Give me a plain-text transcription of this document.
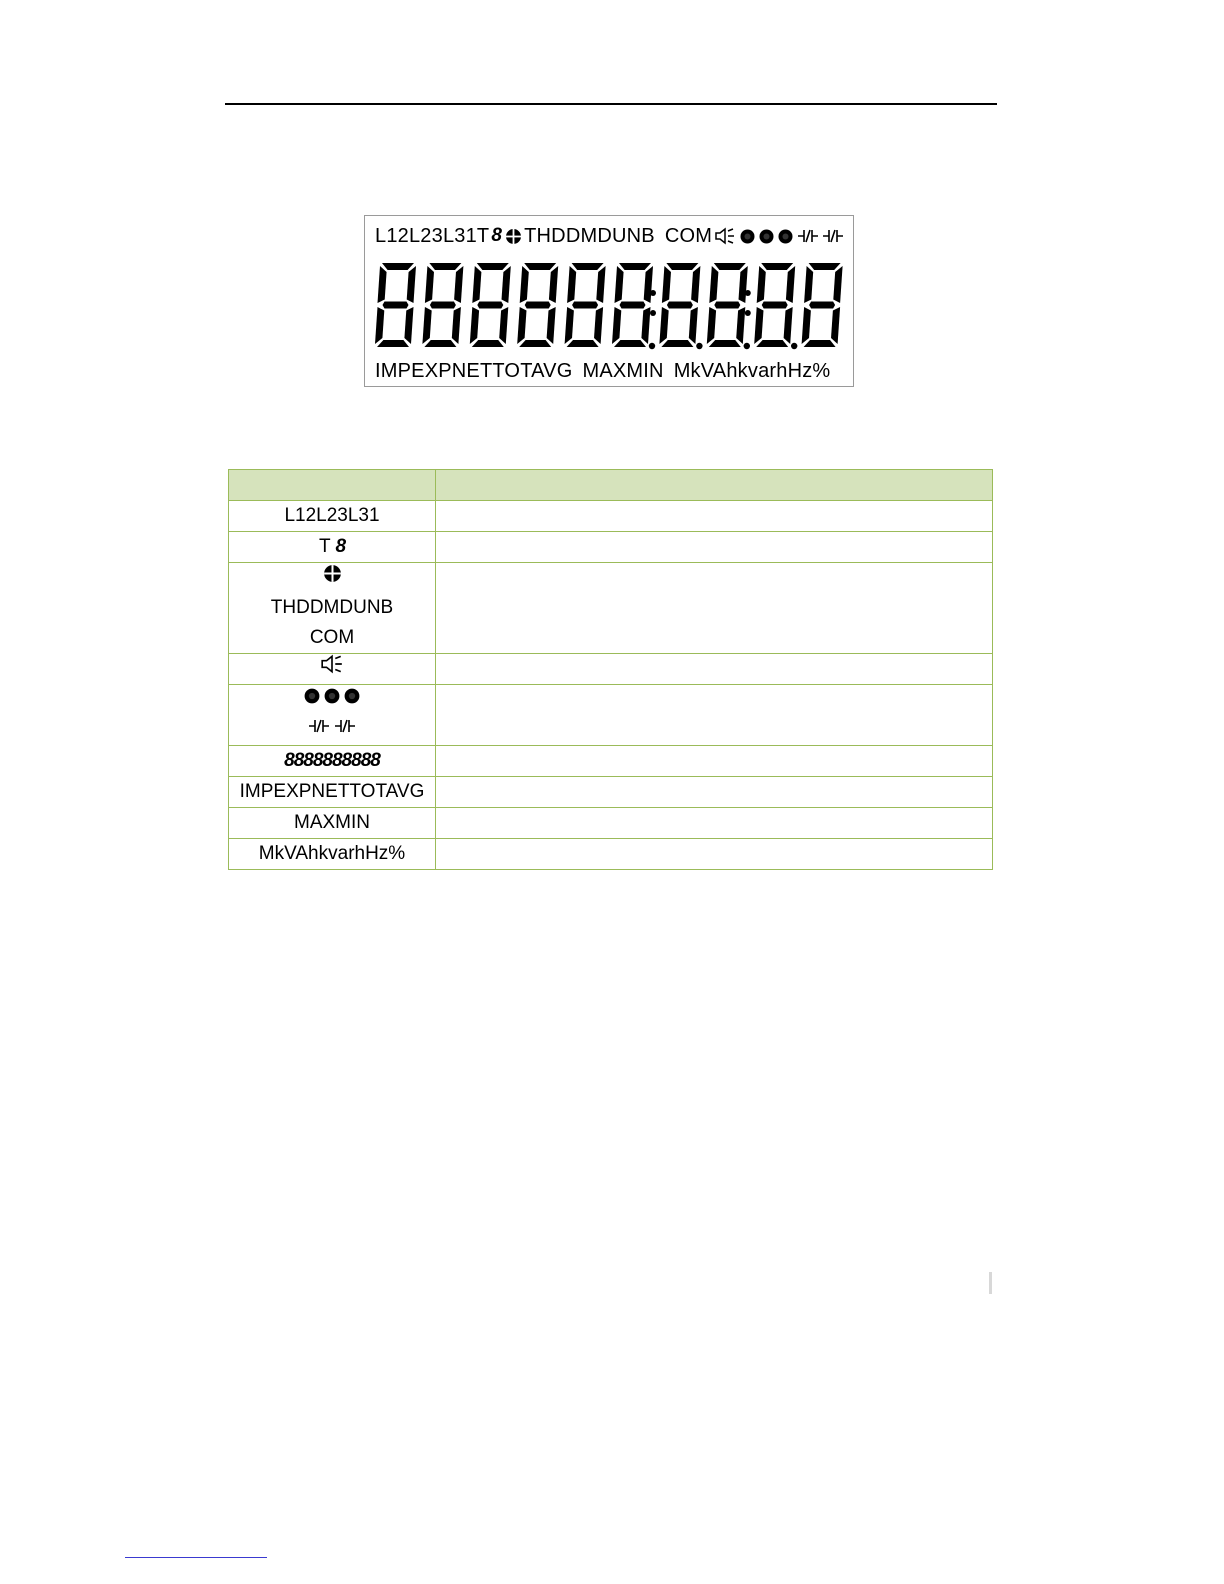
L12L23L31 T 8 THDDMDUNB COM
IMPEXPNETTOTAVG MAXMIN MkVAhkvarhHz%

L12L23L31	
T 8	

THDDMDUNB
COM	

8888888888	
IMPEXPNETTOTAVG	
MAXMIN	
MkVAhkvarhHz%	
